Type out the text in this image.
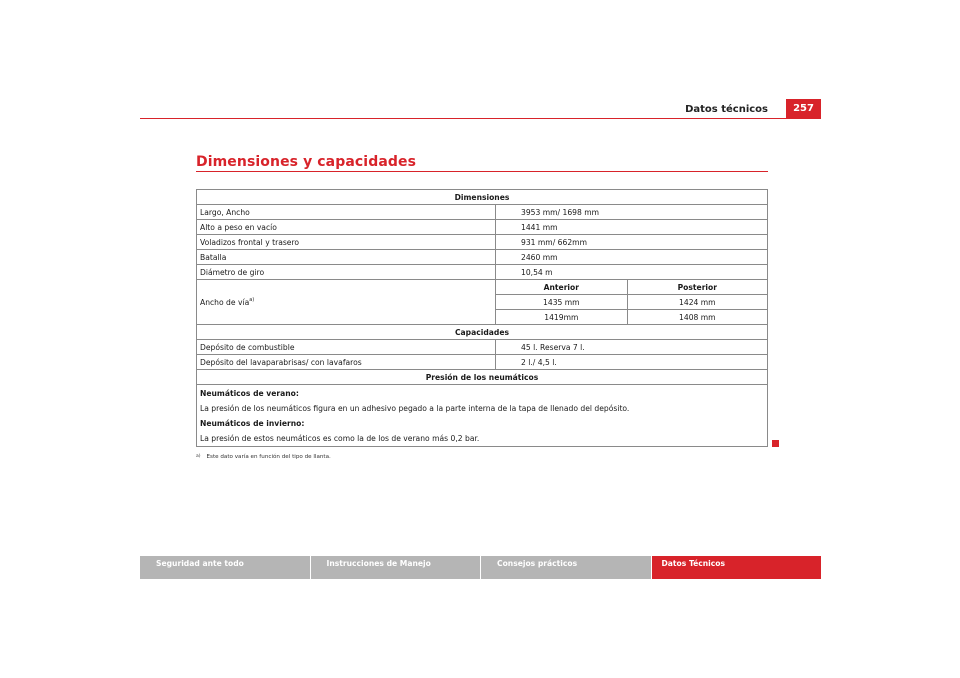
Datos técnicos	257
Dimensiones y capacidades
Dimensiones		
Largo, Ancho	3953 mm/ 1698 mm	
Alto a peso en vacío	1441 mm	
Voladizos frontal y trasero	931 mm/ 662mm	
Batalla	2460 mm	
Diámetro de giro	10,54 m	
Ancho de vía$^{a)}$	Anterior	Posterior
	1435 mm	1424 mm
	1419mm	1408 mm
Capacidades		
Depósito de combustible	45 l. Reserva 7 l.	
Depósito del lavaparabrisas/ con lavafaros	2 l./ 4,5 l.	
Presión de los neumáticos		

Neumáticos de verano:
La presión de los neumáticos figura en un adhesivo pegado a la parte interna de la tapa de llenado del depósito.
Neumáticos de invierno:
La presión de estos neumáticos es como la de los de verano más 0,2 bar.		
$^{a)}$ Este dato varía en función del tipo de llanta.
Seguridad ante todo	Instrucciones de Manejo	Consejos prácticos	Datos Técnicos
